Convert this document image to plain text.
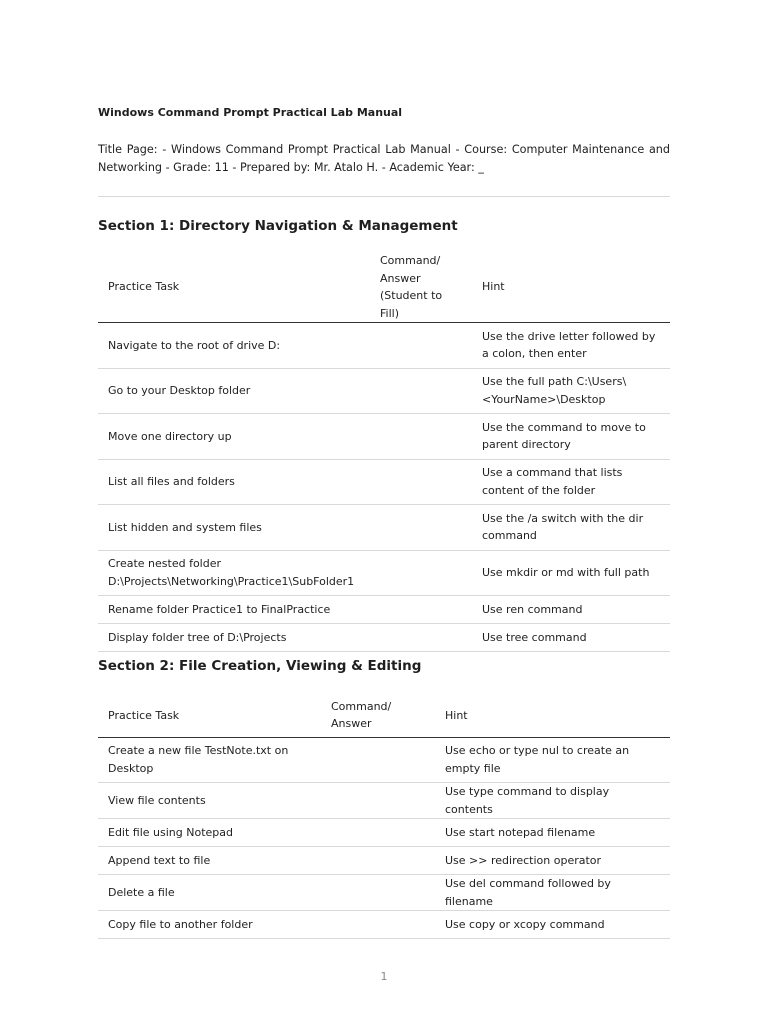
Windows Command Prompt Practical Lab Manual

Title Page: - Windows Command Prompt Practical Lab Manual - Course: Computer Maintenance and Networking - Grade: 11 - Prepared by: Mr. Atalo H. - Academic Year: _

Section 1: Directory Navigation & Management
Practice Task	Command/ Answer (Student to Fill)	Hint
Navigate to the root of drive D:		Use the drive letter followed by a colon, then enter
Go to your Desktop folder		Use the full path C:\Users\<YourName>\Desktop
Move one directory up		Use the command to move to parent directory
List all files and folders		Use a command that lists content of the folder
List hidden and system files		Use the /a switch with the dir command
Create nested folder D:\Projects\Networking\Practice1\SubFolder1		Use mkdir or md with full path
Rename folder Practice1 to FinalPractice		Use ren command
Display folder tree of D:\Projects		Use tree command
Section 2: File Creation, Viewing & Editing
Practice Task	Command/ Answer	Hint
Create a new file TestNote.txt on Desktop		Use echo or type nul to create an empty file
View file contents		Use type command to display contents
Edit file using Notepad		Use start notepad filename
Append text to file		Use >> redirection operator
Delete a file		Use del command followed by filename
Copy file to another folder		Use copy or xcopy command
1
